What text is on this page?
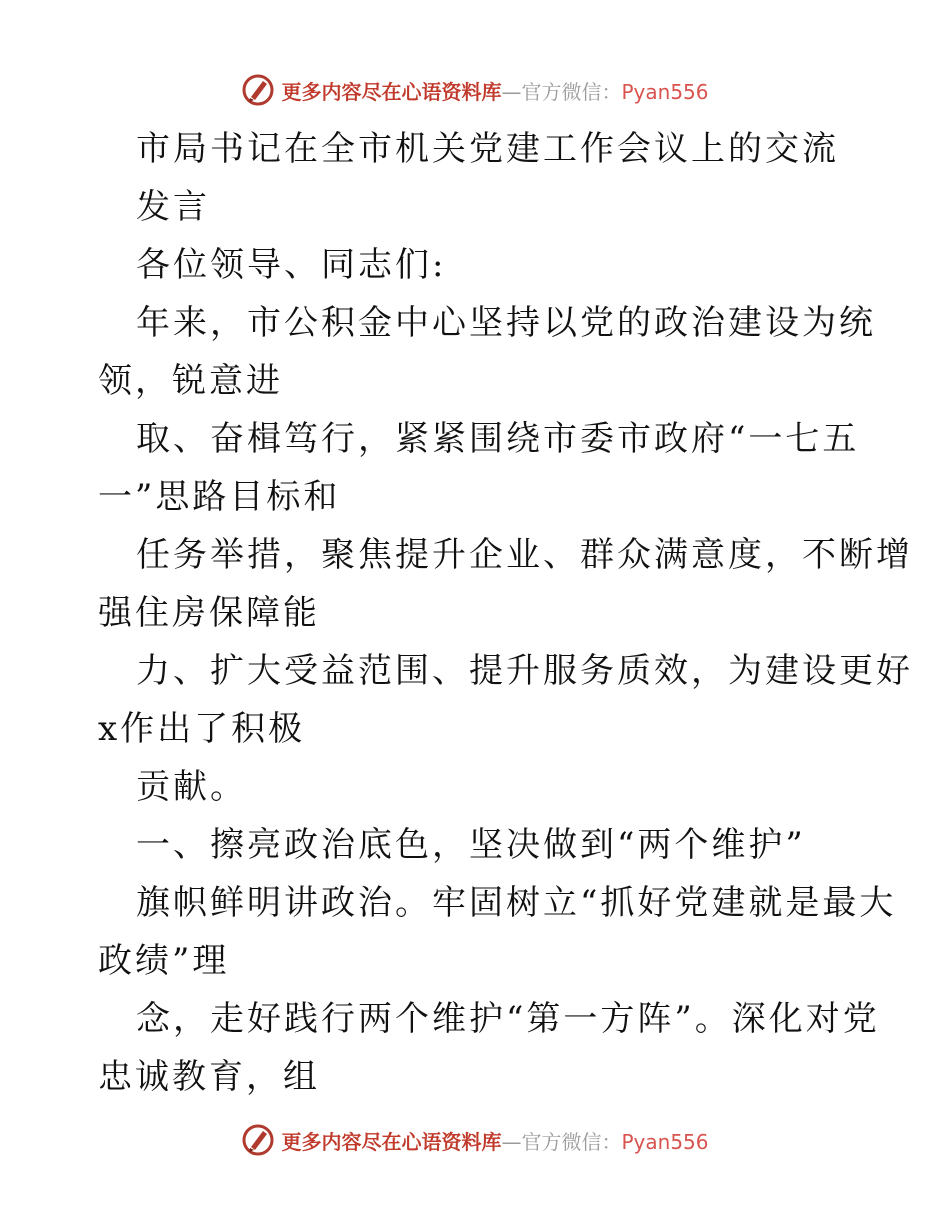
更多内容尽在心语资料库—官方微信：Pyan556
市局书记在全市机关党建工作会议上的交流
发言
各位领导、同志们:
年来，市公积金中心坚持以党的政治建设为统
领，锐意进
取、奋楫笃行，紧紧围绕市委市政府“一七五
一”思路目标和
任务举措，聚焦提升企业、群众满意度，不断增
强住房保障能
力、扩大受益范围、提升服务质效，为建设更好
x作出了积极
贡献。
一、擦亮政治底色，坚决做到“两个维护”
旗帜鲜明讲政治。牢固树立“抓好党建就是最大
政绩”理
念，走好践行两个维护“第一方阵”。深化对党
忠诚教育，组
更多内容尽在心语资料库—官方微信：Pyan556
